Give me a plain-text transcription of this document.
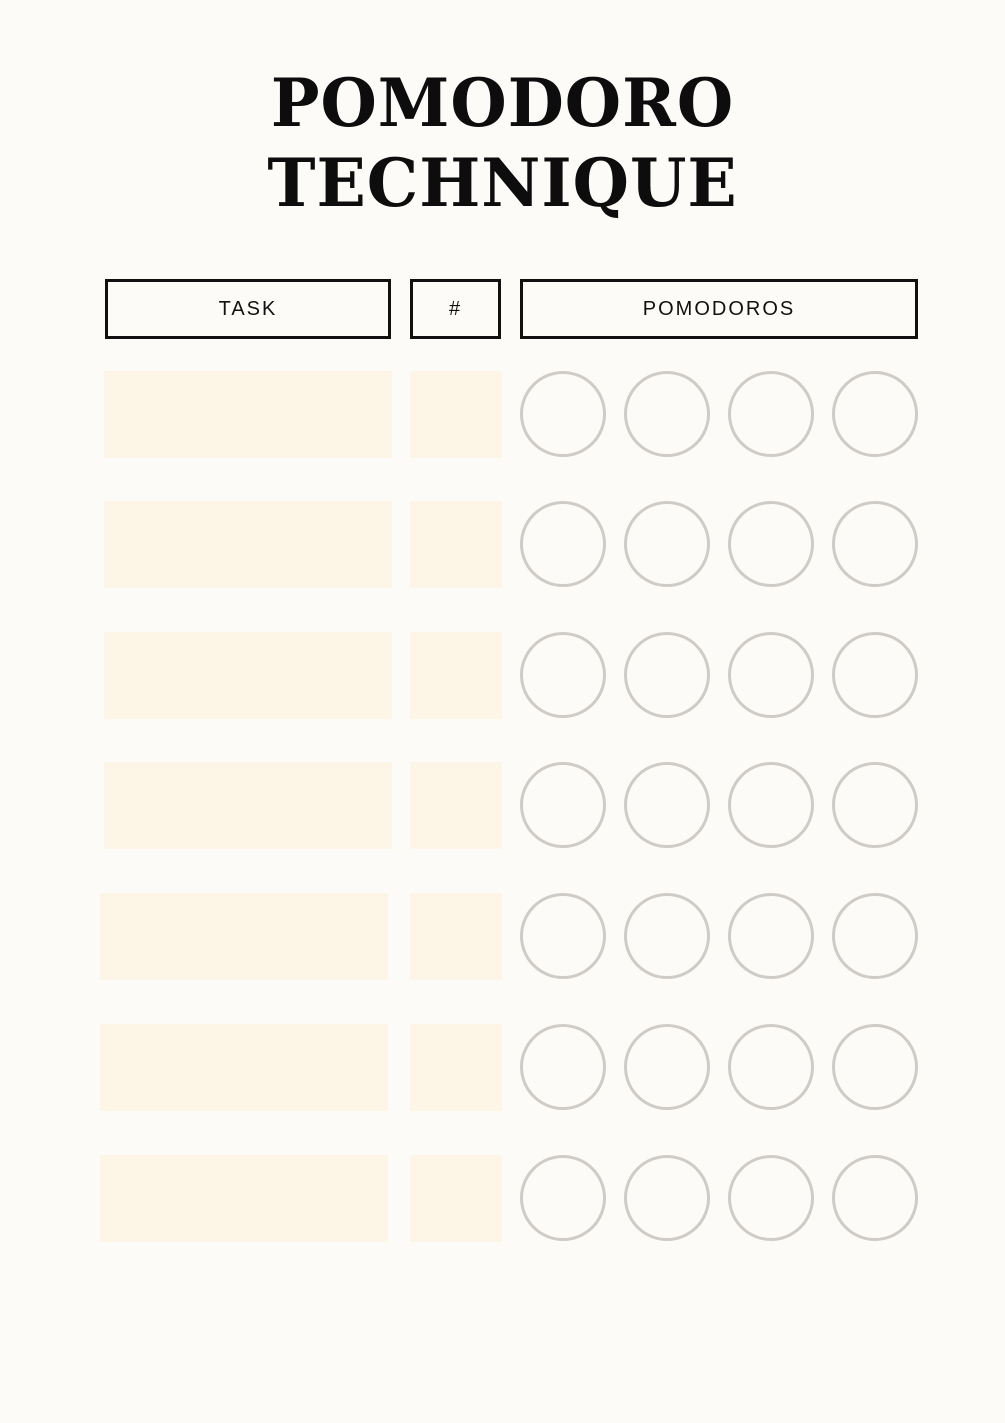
POMODORO
TECHNIQUE
TASK	#	POMODOROS
